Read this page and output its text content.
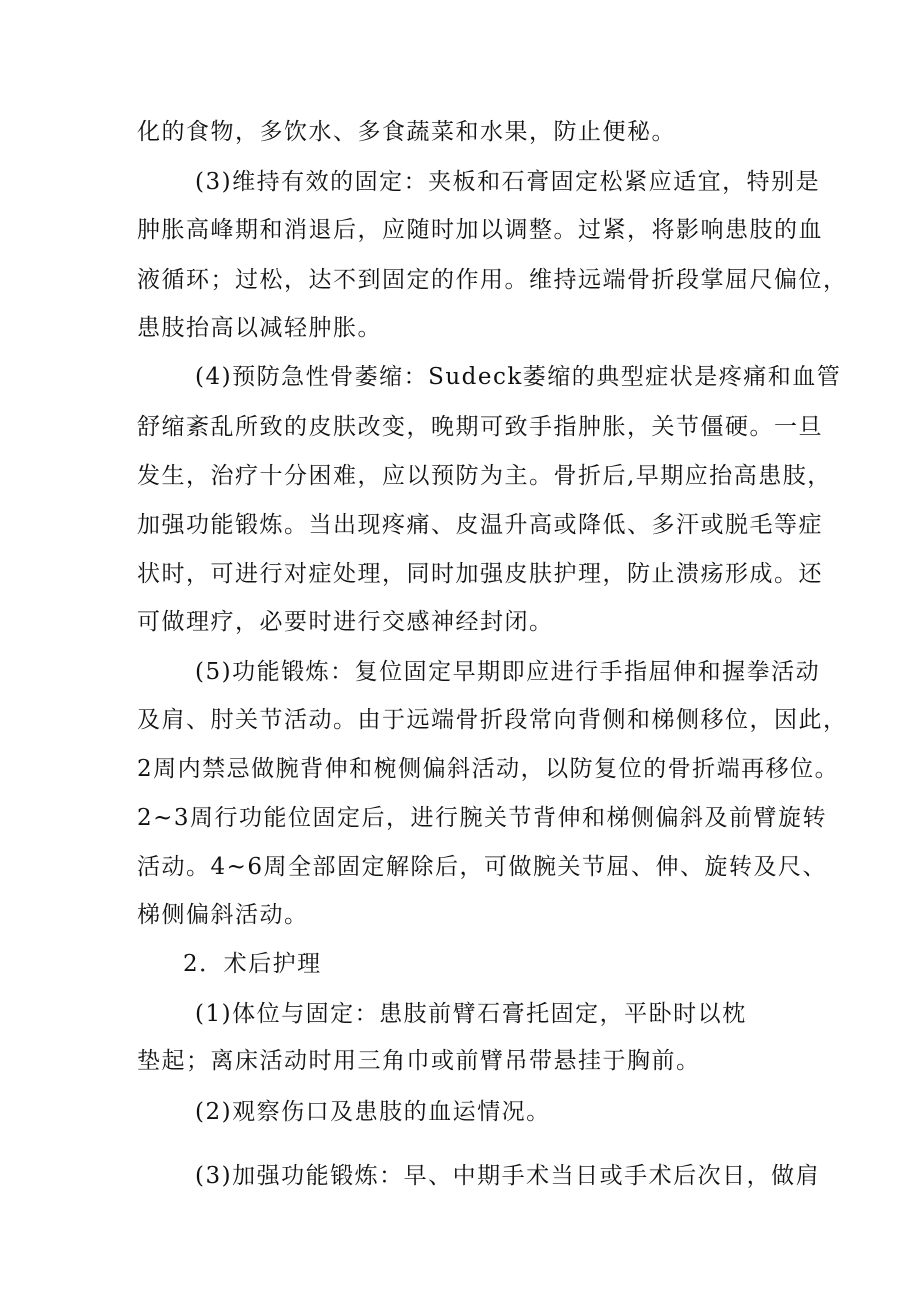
化的食物，多饮水、多食蔬菜和水果，防止便秘。
(3)维持有效的固定：夹板和石膏固定松紧应适宜，特别是
肿胀高峰期和消退后，应随时加以调整。过紧，将影响患肢的血
液循环；过松，达不到固定的作用。维持远端骨折段掌屈尺偏位，
患肢抬高以减轻肿胀。
(4)预防急性骨萎缩：Sudeck萎缩的典型症状是疼痛和血管
舒缩紊乱所致的皮肤改变，晚期可致手指肿胀，关节僵硬。一旦
发生，治疗十分困难，应以预防为主。骨折后,早期应抬高患肢，
加强功能锻炼。当出现疼痛、皮温升高或降低、多汗或脱毛等症
状时，可进行对症处理，同时加强皮肤护理，防止溃疡形成。还
可做理疗，必要时进行交感神经封闭。
(5)功能锻炼：复位固定早期即应进行手指屈伸和握拳活动
及肩、肘关节活动。由于远端骨折段常向背侧和梯侧移位，因此，
2周内禁忌做腕背伸和椀侧偏斜活动，以防复位的骨折端再移位。
2~3周行功能位固定后，进行腕关节背伸和梯侧偏斜及前臂旋转
活动。4~6周全部固定解除后，可做腕关节屈、伸、旋转及尺、
梯侧偏斜活动。
2．术后护理
(1)体位与固定：患肢前臂石膏托固定，平卧时以枕
垫起；离床活动时用三角巾或前臂吊带悬挂于胸前。
(2)观察伤口及患肢的血运情况。
(3)加强功能锻炼：早、中期手术当日或手术后次日，做肩
